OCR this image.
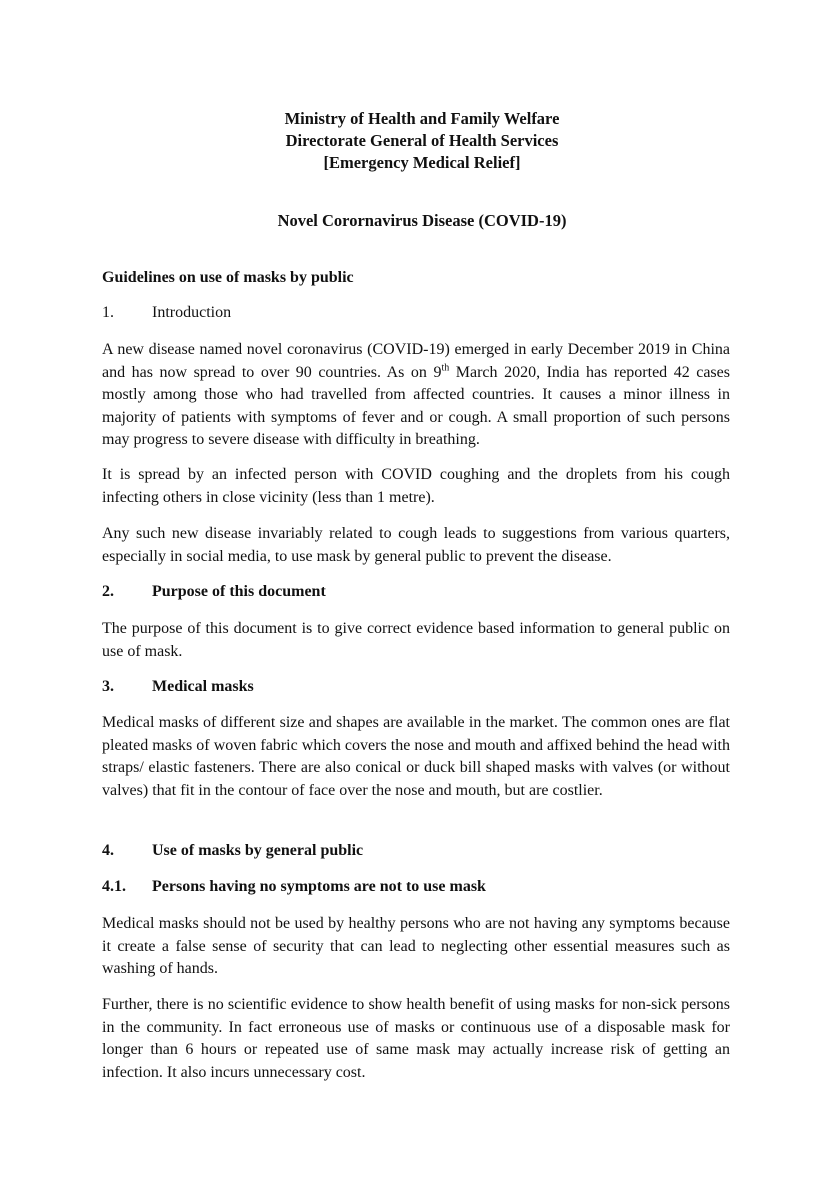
Ministry of Health and Family Welfare
Directorate General of Health Services
[Emergency Medical Relief]
Novel Corornavirus Disease (COVID-19)
Guidelines on use of masks by public
1. Introduction
A new disease named novel coronavirus (COVID-19) emerged in early December 2019 in China and has now spread to over 90 countries. As on 9th March 2020, India has reported 42 cases mostly among those who had travelled from affected countries. It causes a minor illness in majority of patients with symptoms of fever and or cough. A small proportion of such persons may progress to severe disease with difficulty in breathing.
It is spread by an infected person with COVID coughing and the droplets from his cough infecting others in close vicinity (less than 1 metre).
Any such new disease invariably related to cough leads to suggestions from various quarters, especially in social media, to use mask by general public to prevent the disease.
2. Purpose of this document
The purpose of this document is to give correct evidence based information to general public on use of mask.
3. Medical masks
Medical masks of different size and shapes are available in the market. The common ones are flat pleated masks of woven fabric which covers the nose and mouth and affixed behind the head with straps/ elastic fasteners. There are also conical or duck bill shaped masks with valves (or without valves) that fit in the contour of face over the nose and mouth, but are costlier.
4. Use of masks by general public
4.1. Persons having no symptoms are not to use mask
Medical masks should not be used by healthy persons who are not having any symptoms because it create a false sense of security that can lead to neglecting other essential measures such as washing of hands.
Further, there is no scientific evidence to show health benefit of using masks for non-sick persons in the community. In fact erroneous use of masks or continuous use of a disposable mask for longer than 6 hours or repeated use of same mask may actually increase risk of getting an infection. It also incurs unnecessary cost.
